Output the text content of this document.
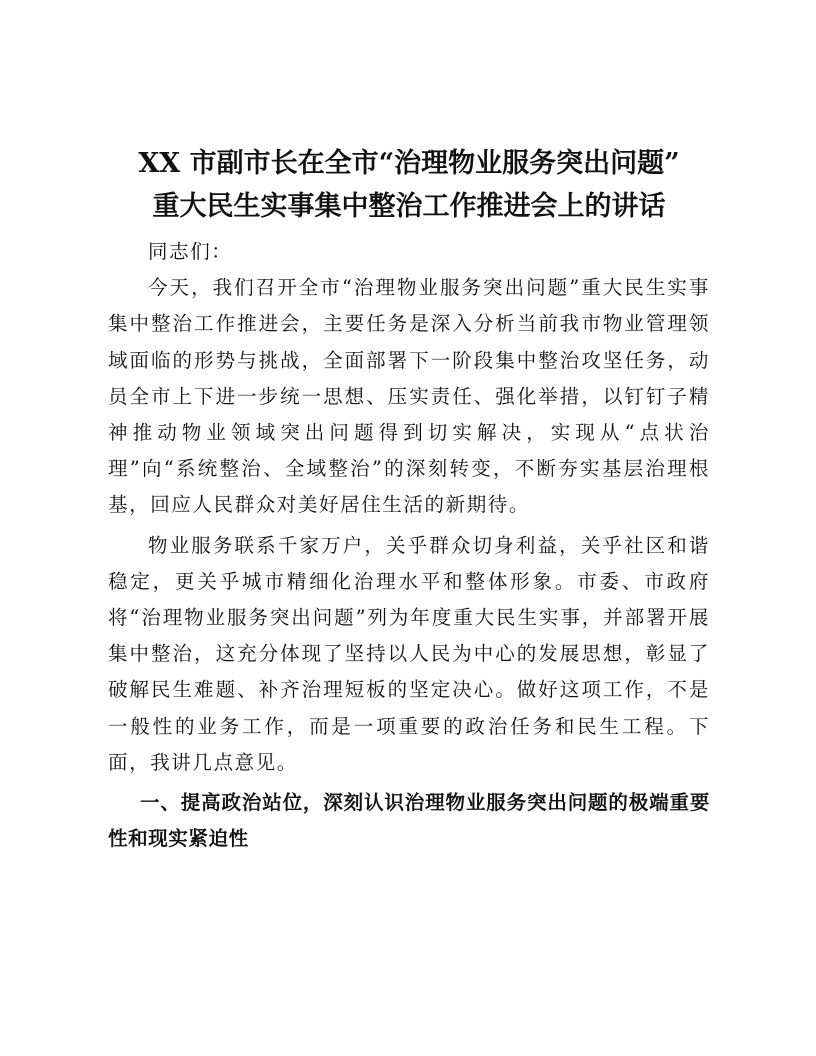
XX 市副市长在全市“治理物业服务突出问题”
重大民生实事集中整治工作推进会上的讲话

同志们：

今天，我们召开全市“治理物业服务突出问题”重大民生实事集中整治工作推进会，主要任务是深入分析当前我市物业管理领域面临的形势与挑战，全面部署下一阶段集中整治攻坚任务，动员全市上下进一步统一思想、压实责任、强化举措，以钉钉子精神推动物业领域突出问题得到切实解决，实现从“点状治理”向“系统整治、全域整治”的深刻转变，不断夯实基层治理根基，回应人民群众对美好居住生活的新期待。

物业服务联系千家万户，关乎群众切身利益，关乎社区和谐稳定，更关乎城市精细化治理水平和整体形象。市委、市政府将“治理物业服务突出问题”列为年度重大民生实事，并部署开展集中整治，这充分体现了坚持以人民为中心的发展思想，彰显了破解民生难题、补齐治理短板的坚定决心。做好这项工作，不是一般性的业务工作，而是一项重要的政治任务和民生工程。下面，我讲几点意见。

一、提高政治站位，深刻认识治理物业服务突出问题的极端重要性和现实紧迫性
